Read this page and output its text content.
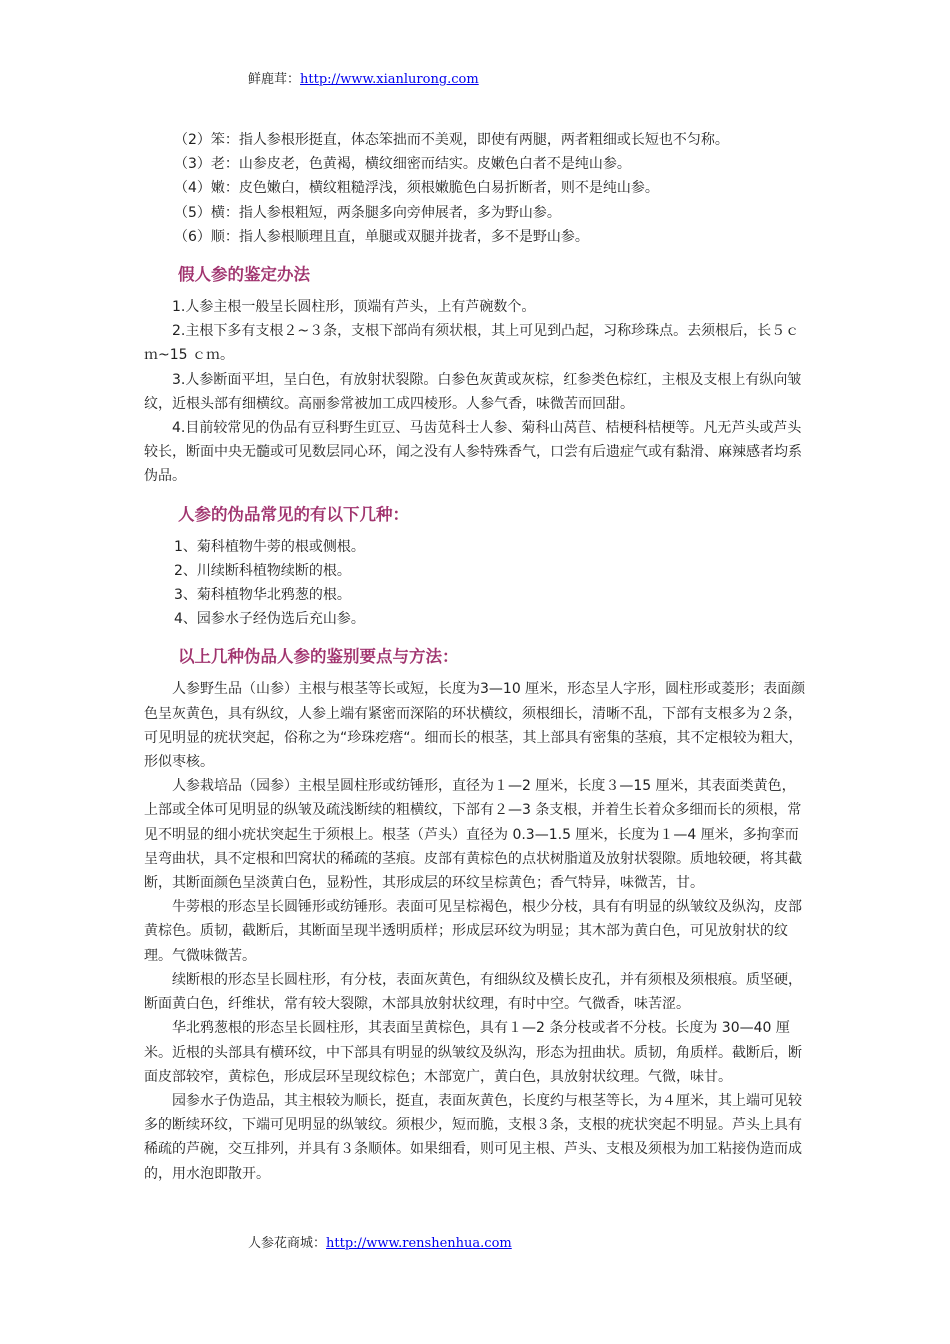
鲜鹿茸：http://www.xianlurong.com

（2）笨：指人参根形挺直，体态笨拙而不美观，即使有两腿，两者粗细或长短也不匀称。

（3）老：山参皮老，色黄褐，横纹细密而结实。皮嫩色白者不是纯山参。

（4）嫩：皮色嫩白，横纹粗糙浮浅，须根嫩脆色白易折断者，则不是纯山参。

（5）横：指人参根粗短，两条腿多向旁伸展者，多为野山参。

（6）顺：指人参根顺理且直，单腿或双腿并拢者，多不是野山参。

假人参的鉴定办法

1.人参主根一般呈长圆柱形，顶端有芦头，上有芦碗数个。

2.主根下多有支根２~３条，支根下部尚有须状根，其上可见到凸起，习称珍珠点。去须根后，长５ｃｍ~15 ｃｍ。

3.人参断面平坦，呈白色，有放射状裂隙。白参色灰黄或灰棕，红参类色棕红，主根及支根上有纵向皱纹，近根头部有细横纹。高丽参常被加工成四棱形。人参气香，味微苦而回甜。

4.目前较常见的伪品有豆科野生豇豆、马齿苋科士人参、菊科山莴苣、桔梗科桔梗等。凡无芦头或芦头较长，断面中央无髓或可见数层同心环，闻之没有人参特殊香气，口尝有后遗症气或有黏滑、麻辣感者均系伪品。

人参的伪品常见的有以下几种：

1、菊科植物牛蒡的根或侧根。

2、川续断科植物续断的根。

3、菊科植物华北鸦葱的根。

4、园参水子经伪选后充山参。

以上几种伪品人参的鉴别要点与方法：

人参野生品（山参）主根与根茎等长或短，长度为3—10 厘米，形态呈人字形，圆柱形或菱形；表面颜色呈灰黄色，具有纵纹，人参上端有紧密而深陷的环状横纹，须根细长，清晰不乱，下部有支根多为２条，可见明显的疣状突起，俗称之为“珍珠疙瘩“。细而长的根茎，其上部具有密集的茎痕，其不定根较为粗大，形似枣核。

人参栽培品（园参）主根呈圆柱形或纺锤形，直径为１—2 厘米，长度３—15 厘米，其表面类黄色，上部或全体可见明显的纵皱及疏浅断续的粗横纹，下部有２—3 条支根，并着生长着众多细而长的须根，常见不明显的细小疣状突起生于须根上。根茎（芦头）直径为 0.3—1.5 厘米，长度为１—4 厘米，多拘挛而呈弯曲状，具不定根和凹窝状的稀疏的茎痕。皮部有黄棕色的点状树脂道及放射状裂隙。质地较硬，将其截断，其断面颜色呈淡黄白色，显粉性，其形成层的环纹呈棕黄色；香气特异，味微苦，甘。

牛蒡根的形态呈长圆锤形或纺锤形。表面可见呈棕褐色，根少分枝，具有有明显的纵皱纹及纵沟，皮部黄棕色。质韧，截断后，其断面呈现半透明质样；形成层环纹为明显；其木部为黄白色，可见放射状的纹理。气微味微苦。

续断根的形态呈长圆柱形，有分枝，表面灰黄色，有细纵纹及横长皮孔，并有须根及须根痕。质坚硬，断面黄白色，纤维状，常有较大裂隙，木部具放射状纹理，有时中空。气微香，味苦涩。

华北鸦葱根的形态呈长圆柱形，其表面呈黄棕色，具有１—2 条分枝或者不分枝。长度为 30—40 厘米。近根的头部具有横环纹，中下部具有明显的纵皱纹及纵沟，形态为扭曲状。质韧，角质样。截断后，断面皮部较窄，黄棕色，形成层环呈现纹棕色；木部宽广，黄白色，具放射状纹理。气微，味甘。

园参水子伪造品，其主根较为顺长，挺直，表面灰黄色，长度约与根茎等长，为４厘米，其上端可见较多的断续环纹，下端可见明显的纵皱纹。须根少，短而脆，支根３条，支根的疣状突起不明显。芦头上具有稀疏的芦碗，交互排列，并具有３条顺体。如果细看，则可见主根、芦头、支根及须根为加工粘接伪造而成的，用水泡即散开。

人参花商城：http://www.renshenhua.com
